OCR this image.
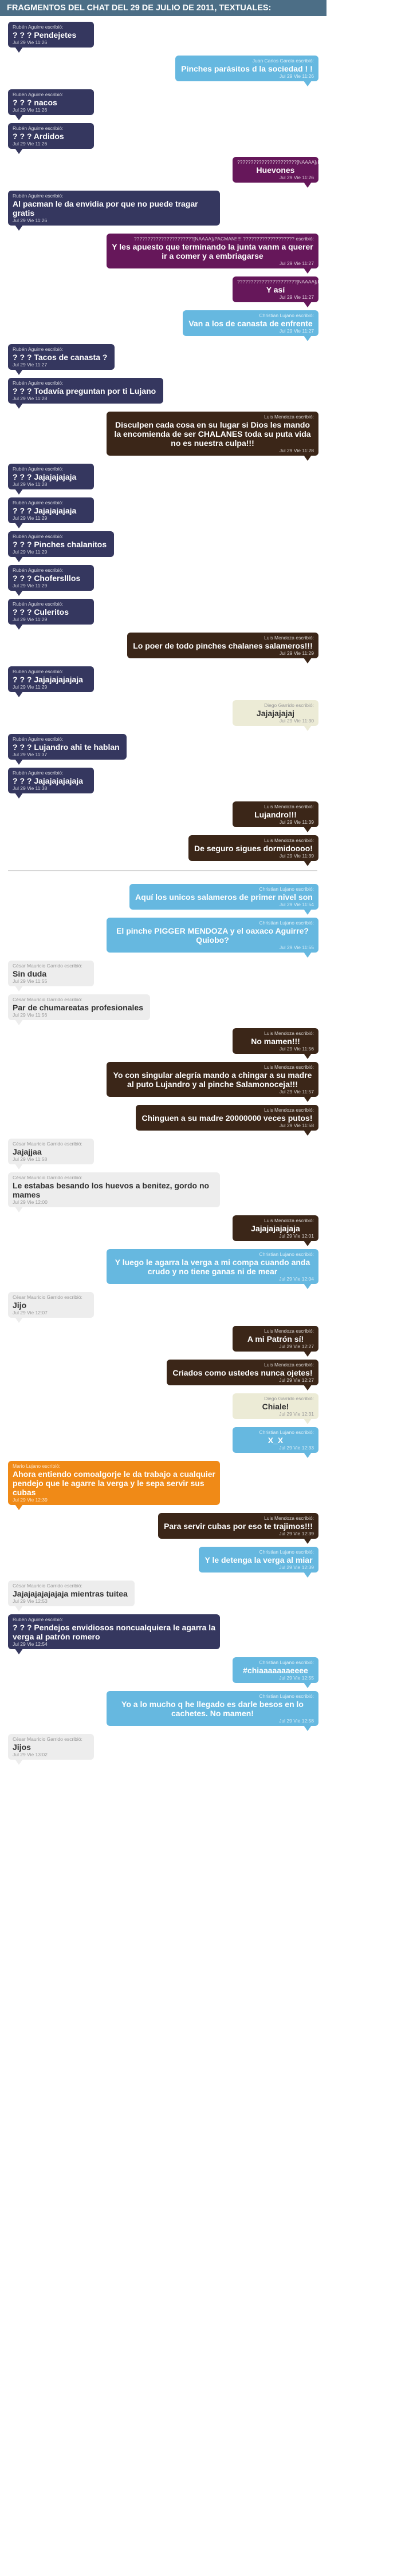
FRAGMENTOS DEL CHAT DEL 29 DE JULIO DE 2011, TEXTUALES:
Rubén Aguirre escribió:
? ? ? Pendejetes
Jul 29 Vie 11:26
Juan Carlos García escribió:
Pinches parásitos d la sociedad ! !
Jul 29 Vie 11:26
Rubén Aguirre escribió:
? ? ? nacos
Jul 29 Vie 11:26
Rubén Aguirre escribió:
? ? ? Ardidos
Jul 29 Vie 11:26
??????????????????????[NAAAA]¡PACMAN!!!!! ??????????????????? escribió:
Huevones
Jul 29 Vie 11:26
Rubén Aguirre escribió:
Al pacman le da envidia por que no puede tragar gratis
Jul 29 Vie 11:26
??????????????????????[NAAAA]¡PACMAN!!!!! ??????????????????? escribió:
Y les apuesto que terminando la junta vanm a querer ir a comer y a embriagarse
Jul 29 Vie 11:27
??????????????????????[NAAAA]¡PACMAN!!!!! ??????????????????? escribió:
Y así
Jul 29 Vie 11:27
Christian Lujano escribió:
Van a los de canasta de enfrente
Jul 29 Vie 11:27
Rubén Aguirre escribió:
? ? ? Tacos de canasta ?
Jul 29 Vie 11:27
Rubén Aguirre escribió:
? ? ? Todavía preguntan por ti Lujano
Jul 29 Vie 11:28
Luis Mendoza escribió:
Disculpen cada cosa en su lugar si Dios les mando la encomienda de ser CHALANES toda su puta vida no es nuestra culpa!!!
Jul 29 Vie 11:28
Rubén Aguirre escribió:
? ? ? Jajajajajaja
Jul 29 Vie 11:28
Rubén Aguirre escribió:
? ? ? Jajajajajaja
Jul 29 Vie 11:29
Rubén Aguirre escribió:
? ? ? Pinches chalanitos
Jul 29 Vie 11:29
Rubén Aguirre escribió:
? ? ? Choferslllos
Jul 29 Vie 11:29
Rubén Aguirre escribió:
? ? ? Culeritos
Jul 29 Vie 11:29
Luis Mendoza escribió:
Lo poer de todo pinches chalanes salameros!!!
Jul 29 Vie 11:29
Rubén Aguirre escribió:
? ? ? Jajajajajajaja
Jul 29 Vie 11:29
Diego Garrido escribió:
Jajajajajaj
Jul 29 Vie 11:30
Rubén Aguirre escribió:
? ? ? Lujandro ahi te hablan
Jul 29 Vie 11:37
Rubén Aguirre escribió:
? ? ? Jajajajajajaja
Jul 29 Vie 11:38
Luis Mendoza escribió:
Lujandro!!!
Jul 29 Vie 11:39
Luis Mendoza escribió:
De seguro sigues dormidoooo!
Jul 29 Vie 11:39
Christian Lujano escribió:
Aquí los unicos salameros de primer nivel son
Jul 29 Vie 11:54
Christian Lujano escribió:
El pinche PIGGER MENDOZA y el oaxaco Aguirre? Quiobo?
Jul 29 Vie 11:55
César Mauricio Garrido escribió:
Sin duda
Jul 29 Vie 11:55
César Mauricio Garrido escribió:
Par de chumareatas profesionales
Jul 29 Vie 11:56
Luis Mendoza escribió:
No mamen!!!
Jul 29 Vie 11:56
Luis Mendoza escribió:
Yo con singular alegría mando a chingar a su madre al puto Lujandro y al pinche Salamonoceja!!!
Jul 29 Vie 11:57
Luis Mendoza escribió:
Chinguen a su madre 20000000 veces putos!
Jul 29 Vie 11:58
César Mauricio Garrido escribió:
Jajajjaa
Jul 29 Vie 11:58
César Mauricio Garrido escribió:
Le estabas besando los huevos a benitez, gordo no mames
Jul 29 Vie 12:00
Luis Mendoza escribió:
Jajajajajajaja
Jul 29 Vie 12:01
Christian Lujano escribió:
Y luego le agarra la verga a mi compa cuando anda crudo y no tiene ganas ni de mear
Jul 29 Vie 12:04
César Mauricio Garrido escribió:
Jijo
Jul 29 Vie 12:07
Luis Mendoza escribió:
A mi Patrón sí!
Jul 29 Vie 12:27
Luis Mendoza escribió:
Criados como ustedes nunca ojetes!
Jul 29 Vie 12:27
Diego Garrido escribió:
Chiale!
Jul 29 Vie 12:31
Christian Lujano escribió:
X_X
Jul 29 Vie 12:33
Mario Lujano escribió:
Ahora entiendo comoalgorje le da trabajo a cualquier pendejo que le agarre la verga y le sepa servir sus cubas
Jul 29 Vie 12:39
Luis Mendoza escribió:
Para servir cubas por eso te trajimos!!!
Jul 29 Vie 12:39
Christian Lujano escribió:
Y le detenga la verga al miar
Jul 29 Vie 12:39
César Mauricio Garrido escribió:
Jajajajajajajaja mientras tuitea
Jul 29 Vie 12:53
Rubén Aguirre escribió:
? ? ? Pendejos envidiosos noncualquiera le agarra la verga al patrón romero
Jul 29 Vie 12:54
Christian Lujano escribió:
#chiaaaaaaaeeee
Jul 29 Vie 12:55
Christian Lujano escribió:
Yo a lo mucho q he llegado es darle besos en lo cachetes. No mamen!
Jul 29 Vie 12:58
César Mauricio Garrido escribió:
Jijos
Jul 29 Vie 13:02
